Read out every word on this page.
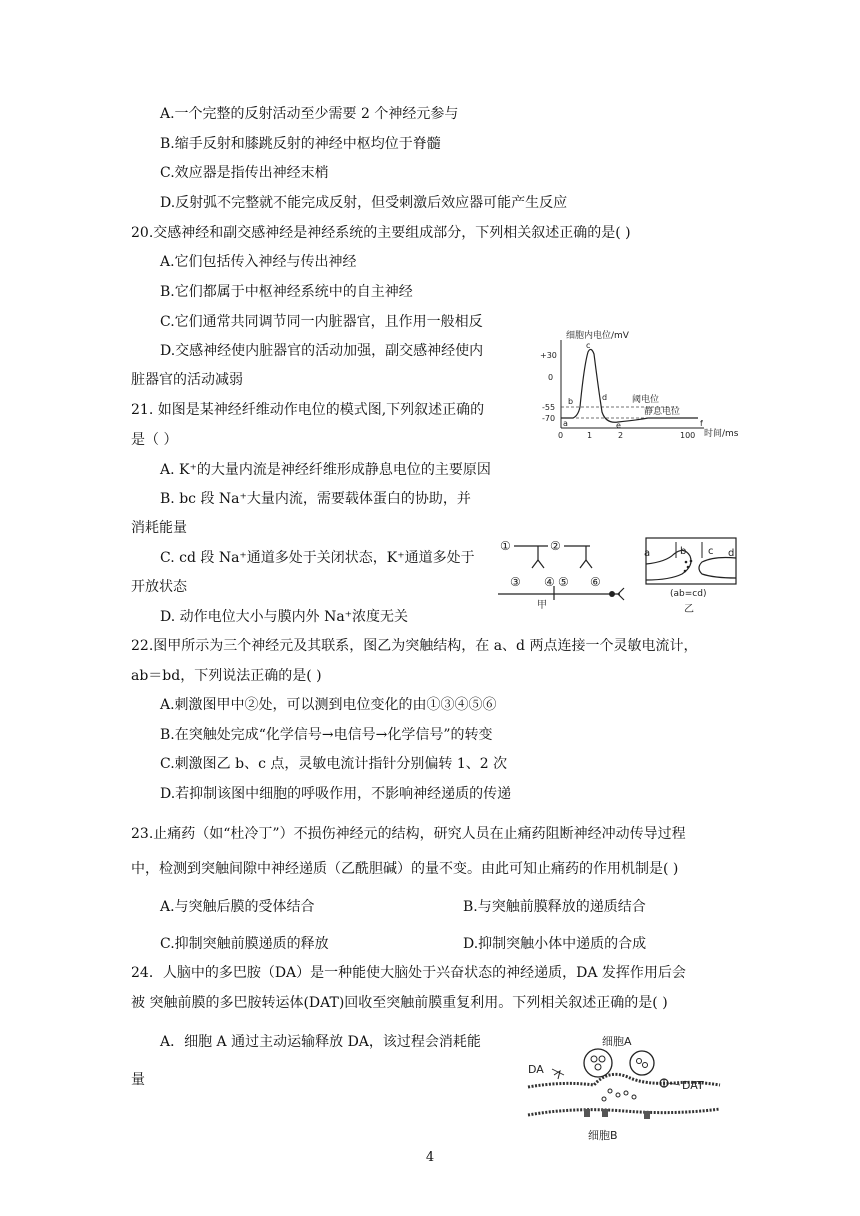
A.一个完整的反射活动至少需要 2 个神经元参与
B.缩手反射和膝跳反射的神经中枢均位于脊髓
C.效应器是指传出神经末梢
D.反射弧不完整就不能完成反射，但受刺激后效应器可能产生反应
20.交感神经和副交感神经是神经系统的主要组成部分，下列相关叙述正确的是( )
A.它们包括传入神经与传出神经
B.它们都属于中枢神经系统中的自主神经
C.它们通常共同调节同一内脏器官，且作用一般相反
D.交感神经使内脏器官的活动加强，副交感神经使内
脏器官的活动减弱
21. 如图是某神经纤维动作电位的模式图,下列叙述正确的
是（ ）
A. K⁺的大量内流是神经纤维形成静息电位的主要原因
B. bc 段 Na⁺大量内流，需要载体蛋白的协助，并
消耗能量
C. cd 段 Na⁺通道多处于关闭状态，K⁺通道多处于
开放状态
D. 动作电位大小与膜内外 Na⁺浓度无关
细胞内电位/mV
时间/ms
+30
0
-55
-70
阈电位
静息电位
a
b
c
d
e	f
0	1	2	100
①	②
③ ④ ⑤ ⑥
甲
a	b c d
(ab=cd)
乙
22.图甲所示为三个神经元及其联系，图乙为突触结构，在 a、d 两点连接一个灵敏电流计，
ab＝bd，下列说法正确的是( )
A.刺激图甲中②处，可以测到电位变化的由①③④⑤⑥
B.在突触处完成“化学信号→电信号→化学信号”的转变
C.刺激图乙 b、c 点，灵敏电流计指针分别偏转 1、2 次
D.若抑制该图中细胞的呼吸作用，不影响神经递质的传递
23.止痛药（如“杜冷丁”）不损伤神经元的结构，研究人员在止痛药阻断神经冲动传导过程
中，检测到突触间隙中神经递质（乙酰胆碱）的量不变。由此可知止痛药的作用机制是( )
A.与突触后膜的受体结合	B.与突触前膜释放的递质结合
C.抑制突触前膜递质的释放	D.抑制突触小体中递质的合成
24．人脑中的多巴胺（DA）是一种能使大脑处于兴奋状态的神经递质，DA 发挥作用后会
被 突触前膜的多巴胺转运体(DAT)回收至突触前膜重复利用。下列相关叙述正确的是( )
A．细胞 A 通过主动运输释放 DA，该过程会消耗能
量
细胞A
DA
DAT
细胞B
4
